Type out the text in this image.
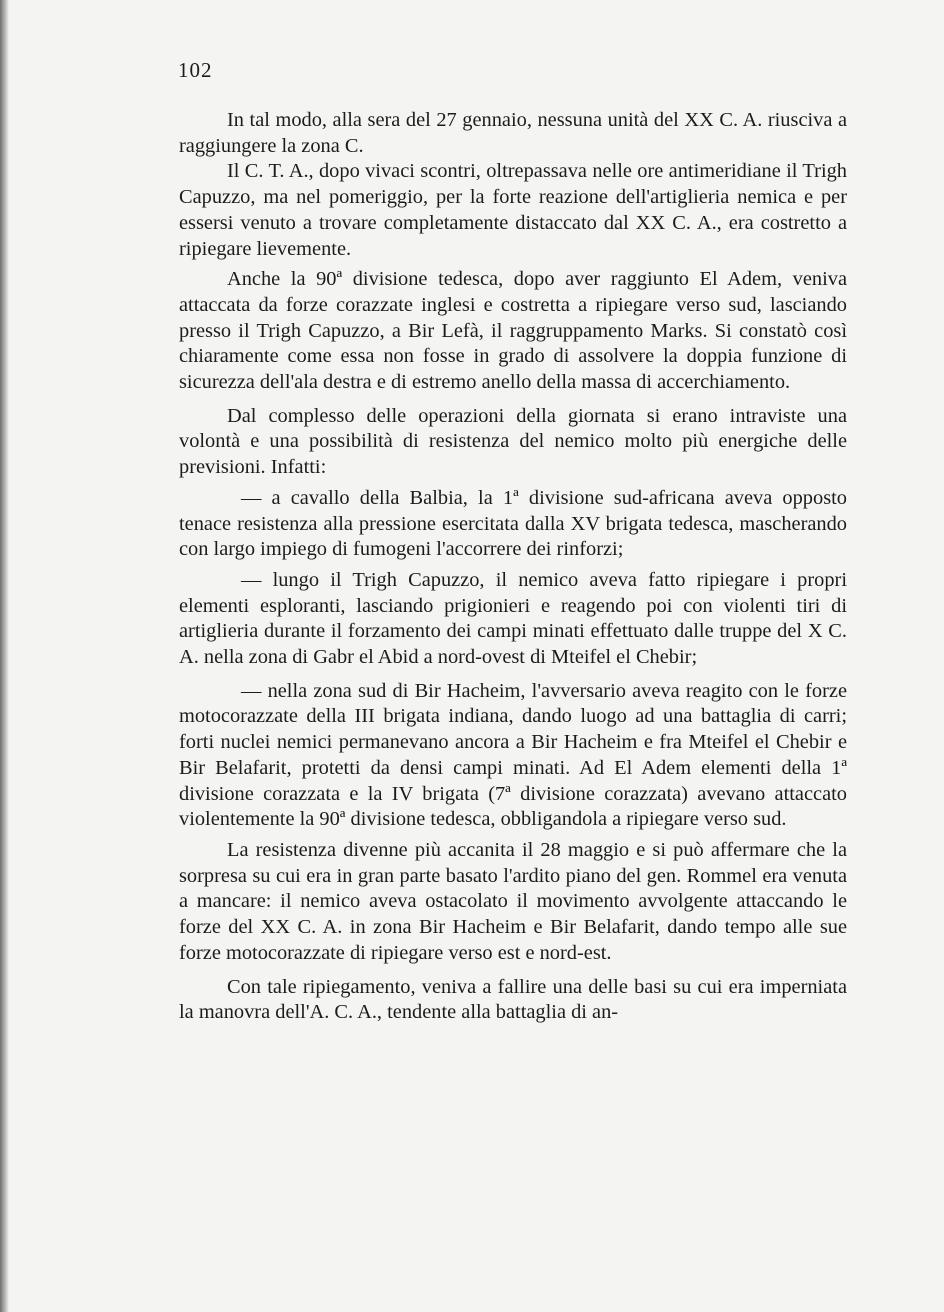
102

In tal modo, alla sera del 27 gennaio, nessuna unità del XX C. A. riusciva a raggiungere la zona C.

Il C. T. A., dopo vivaci scontri, oltrepassava nelle ore antimeridiane il Trigh Capuzzo, ma nel pomeriggio, per la forte reazione dell'artiglieria nemica e per essersi venuto a trovare completamente distaccato dal XX C. A., era costretto a ripiegare lievemente.

Anche la 90ª divisione tedesca, dopo aver raggiunto El Adem, veniva attaccata da forze corazzate inglesi e costretta a ripiegare verso sud, lasciando presso il Trigh Capuzzo, a Bir Lefà, il raggruppamento Marks. Si constatò così chiaramente come essa non fosse in grado di assolvere la doppia funzione di sicurezza dell'ala destra e di estremo anello della massa di accerchiamento.

Dal complesso delle operazioni della giornata si erano intraviste una volontà e una possibilità di resistenza del nemico molto più energiche delle previsioni. Infatti:

— a cavallo della Balbia, la 1ª divisione sud-africana aveva opposto tenace resistenza alla pressione esercitata dalla XV brigata tedesca, mascherando con largo impiego di fumogeni l'accorrere dei rinforzi;

— lungo il Trigh Capuzzo, il nemico aveva fatto ripiegare i propri elementi esploranti, lasciando prigionieri e reagendo poi con violenti tiri di artiglieria durante il forzamento dei campi minati effettuato dalle truppe del X C. A. nella zona di Gabr el Abid a nord-ovest di Mteifel el Chebir;

— nella zona sud di Bir Hacheim, l'avversario aveva reagito con le forze motocorazzate della III brigata indiana, dando luogo ad una battaglia di carri; forti nuclei nemici permanevano ancora a Bir Hacheim e fra Mteifel el Chebir e Bir Belafarit, protetti da densi campi minati. Ad El Adem elementi della 1ª divisione corazzata e la IV brigata (7ª divisione corazzata) avevano attaccato violentemente la 90ª divisione tedesca, obbligandola a ripiegare verso sud.

La resistenza divenne più accanita il 28 maggio e si può affermare che la sorpresa su cui era in gran parte basato l'ardito piano del gen. Rommel era venuta a mancare: il nemico aveva ostacolato il movimento avvolgente attaccando le forze del XX C. A. in zona Bir Hacheim e Bir Belafarit, dando tempo alle sue forze motocorazzate di ripiegare verso est e nord-est.

Con tale ripiegamento, veniva a fallire una delle basi su cui era imperniata la manovra dell'A. C. A., tendente alla battaglia di an-
